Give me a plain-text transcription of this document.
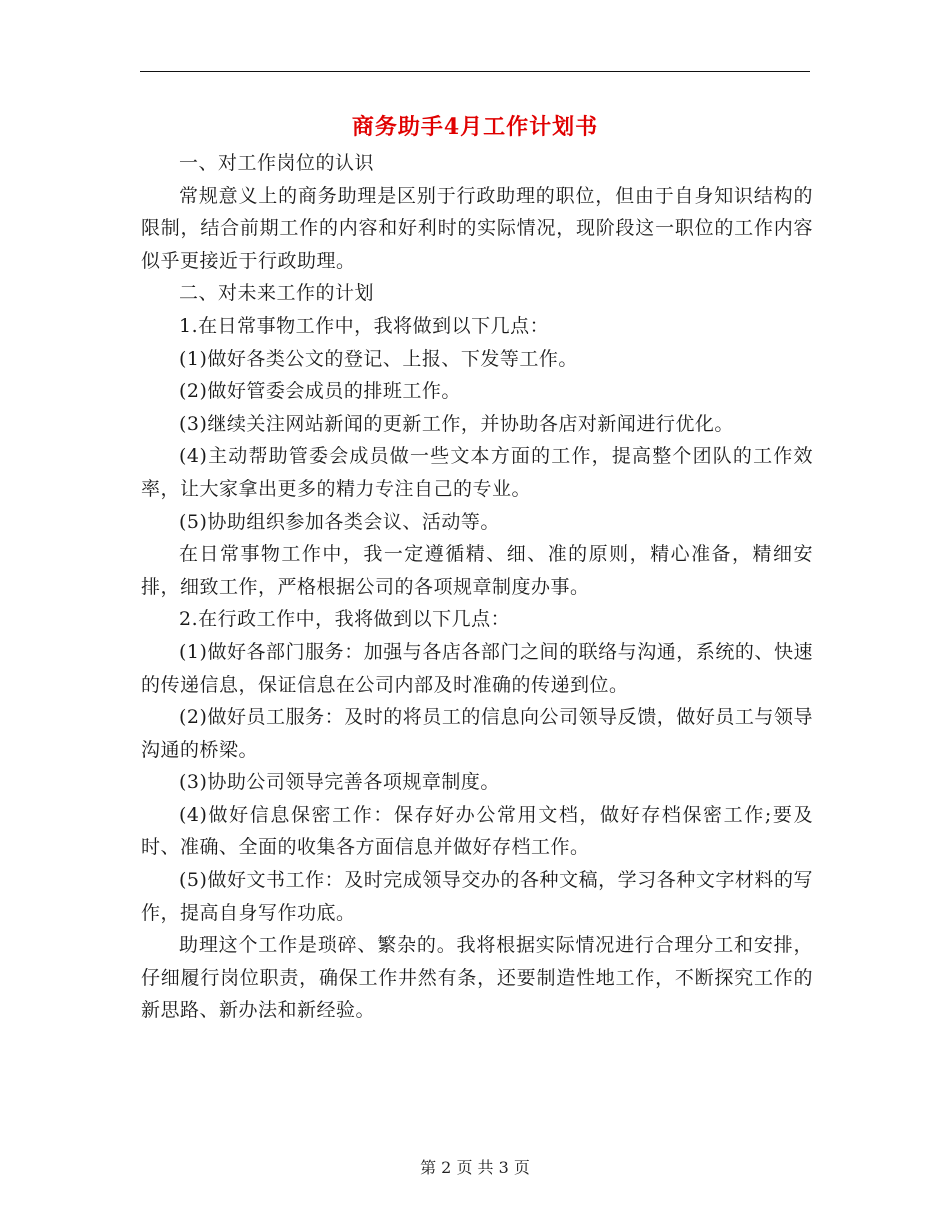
商务助手4月工作计划书

一、对工作岗位的认识

常规意义上的商务助理是区别于行政助理的职位，但由于自身知识结构的限制，结合前期工作的内容和好利时的实际情况，现阶段这一职位的工作内容似乎更接近于行政助理。

二、对未来工作的计划

1.在日常事物工作中，我将做到以下几点：

(1)做好各类公文的登记、上报、下发等工作。

(2)做好管委会成员的排班工作。

(3)继续关注网站新闻的更新工作，并协助各店对新闻进行优化。

(4)主动帮助管委会成员做一些文本方面的工作，提高整个团队的工作效率，让大家拿出更多的精力专注自己的专业。

(5)协助组织参加各类会议、活动等。

在日常事物工作中，我一定遵循精、细、准的原则，精心准备，精细安排，细致工作，严格根据公司的各项规章制度办事。

2.在行政工作中，我将做到以下几点：

(1)做好各部门服务：加强与各店各部门之间的联络与沟通，系统的、快速的传递信息，保证信息在公司内部及时准确的传递到位。

(2)做好员工服务：及时的将员工的信息向公司领导反馈，做好员工与领导沟通的桥梁。

(3)协助公司领导完善各项规章制度。

(4)做好信息保密工作：保存好办公常用文档，做好存档保密工作;要及时、准确、全面的收集各方面信息并做好存档工作。

(5)做好文书工作：及时完成领导交办的各种文稿，学习各种文字材料的写作，提高自身写作功底。

助理这个工作是琐碎、繁杂的。我将根据实际情况进行合理分工和安排，仔细履行岗位职责，确保工作井然有条，还要制造性地工作，不断探究工作的新思路、新办法和新经验。

第 2 页 共 3 页
